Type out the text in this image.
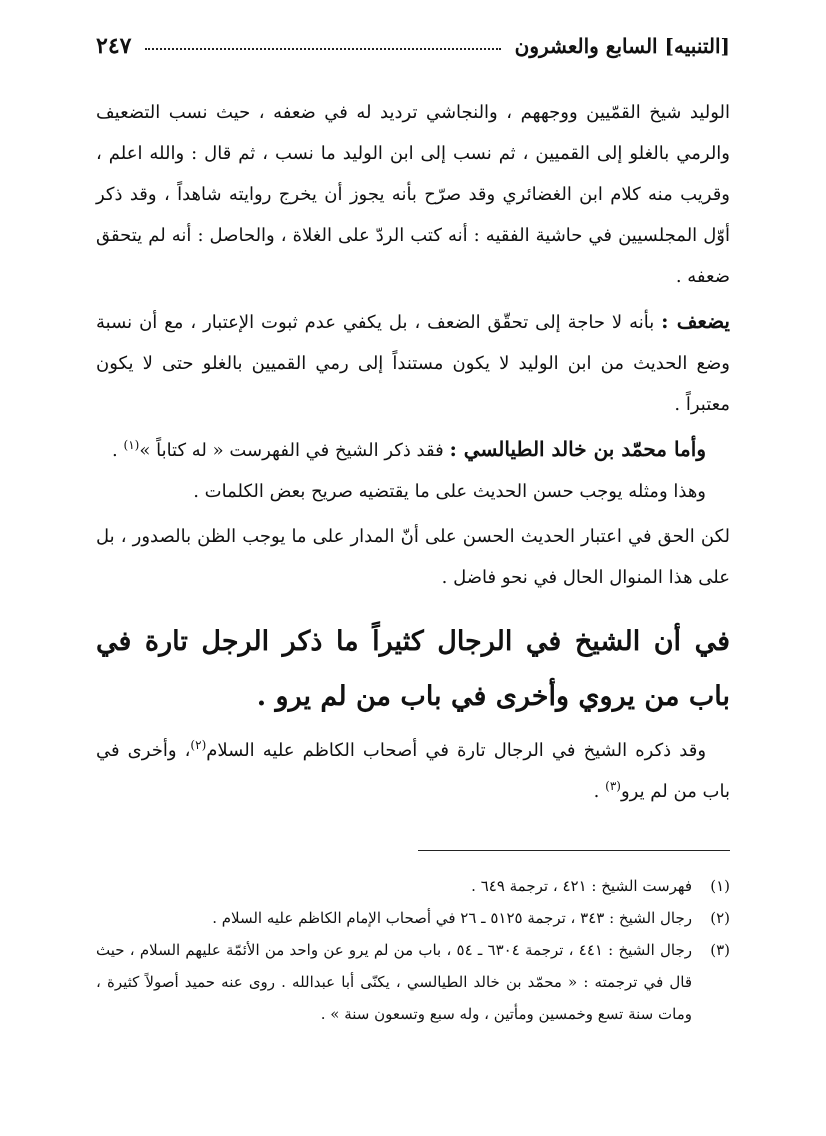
[التنبيه] السابع والعشرون
٢٤٧

الوليد شيخ القمّيين ووجههم ، والنجاشي ترديد له في ضعفه ، حيث نسب التضعيف والرمي بالغلو إلى القميين ، ثم نسب إلى ابن الوليد ما نسب ، ثم قال : والله اعلم ، وقريب منه كلام ابن الغضائري وقد صرّح بأنه يجوز أن يخرج روايته شاهداً ، وقد ذكر أوّل المجلسيين في حاشية الفقيه : أنه كتب الردّ على الغلاة ، والحاصل : أنه لم يتحقق ضعفه .

يضعف : بأنه لا حاجة إلى تحقّق الضعف ، بل يكفي عدم ثبوت الإعتبار ، مع أن نسبة وضع الحديث من ابن الوليد لا يكون مستنداً إلى رمي القميين بالغلو حتى لا يكون معتبراً .

وأما محمّد بن خالد الطيالسي : فقد ذكر الشيخ في الفهرست « له كتاباً »$^{(١)}$ .

وهذا ومثله يوجب حسن الحديث على ما يقتضيه صريح بعض الكلمات .

لكن الحق في اعتبار الحديث الحسن على أنّ المدار على ما يوجب الظن بالصدور ، بل على هذا المنوال الحال في نحو فاضل .

في أن الشيخ في الرجال كثيراً ما ذكر الرجل تارة في باب من يروي وأخرى في باب من لم يرو .

وقد ذكره الشيخ في الرجال تارة في أصحاب الكاظم عليه السلام$^{(٢)}$، وأخرى في باب من لم يرو$^{(٣)}$ .

(١)
فهرست الشيخ : ٤٢١ ، ترجمة ٦٤٩ .
(٢)
رجال الشيخ : ٣٤٣ ، ترجمة ٥١٢٥ ـ ٢٦ في أصحاب الإمام الكاظم عليه السلام .
(٣)
رجال الشيخ : ٤٤١ ، ترجمة ٦٣٠٤ ـ ٥٤ ، باب من لم يرو عن واحد من الأئمّة عليهم السلام ، حيث قال في ترجمته : « محمّد بن خالد الطيالسي ، يكنّى أبا عبدالله . روى عنه حميد أصولاً كثيرة ، ومات سنة تسع وخمسين ومأتين ، وله سبع وتسعون سنة » .
